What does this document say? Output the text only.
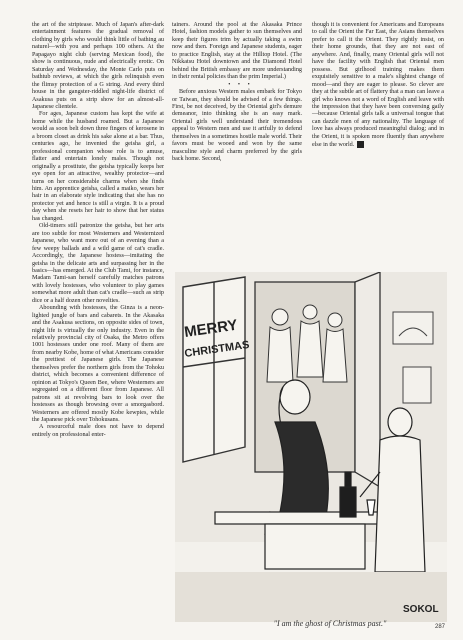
the art of the striptease. Much of Japan's after-dark entertainment features the gradual removal of clothing by girls who would think little of bathing au naturel—with you and perhaps 100 others. At the Papagayo night club (serving Mexican food), the show is continuous, nude and electrically erotic. On Saturday and Wednesday, the Monte Carlo puts on bathtub reviews, at which the girls relinquish even the flimsy protection of a G string. And every third house in the gangster-riddled night-life district of Asakusa puts on a strip show for an almost-all-Japanese clientele.

For ages, Japanese custom has kept the wife at home while the husband roamed. But a Japanese would as soon belt down three fingers of kerosene in a broom closet as drink his sake alone at a bar. Thus, centuries ago, he invented the geisha girl, a professional companion whose role is to amuse, flatter and entertain lonely males. Though not originally a prostitute, the geisha typically keeps her eye open for an attractive, wealthy protector—and turns on her considerable charms when she finds him. An apprentice geisha, called a maiko, wears her hair in an elaborate style indicating that she has no protector yet and hence is still a virgin. It is a proud day when she resets her hair to show that her status has changed.

Old-timers still patronize the geisha, but her arts are too subtle for most Westerners and Westernized Japanese, who want more out of an evening than a few weepy ballads and a wild game of cat's cradle. Accordingly, the Japanese hostess—imitating the geisha in the delicate arts and surpassing her in the basics—has emerged. At the Club Tami, for instance, Madam Tami-san herself carefully matches patrons with lovely hostesses, who volunteer to play games somewhat more adult than cat's cradle—such as strip dice or a half dozen other novelties.

Abounding with hostesses, the Ginza is a neon-lighted jungle of bars and cabarets. In the Akasaka and the Asakusa sections, on opposite sides of town, night life is virtually the only industry. Even in the relatively provincial city of Osaka, the Metro offers 1001 hostesses under one roof. Many of them are from nearby Kobe, home of what Americans consider the prettiest of Japanese girls. The Japanese themselves prefer the northern girls from the Tohoku district, which becomes a convenient difference of opinion at Tokyo's Queen Bee, where Westerners are segregated on a different floor from Japanese. All patrons sit at revolving bars to look over the hostesses as though browsing over a smorgasbord. Westerners are offered mostly Kobe kewpies, while the Japanese pick over Tohokusans.

A resourceful male does not have to depend entirely on professional enter-

tainers. Around the pool at the Akasaka Prince Hotel, fashion models gather to sun themselves and keep their figures trim by actually taking a swim now and then. Foreign and Japanese students, eager to practice English, stay at the Hilltop Hotel. (The Nikkatsu Hotel downtown and the Diamond Hotel behind the British embassy are more understanding in their rental policies than the prim Imperial.)

• • •

Before anxious Western males embark for Tokyo or Taiwan, they should be advised of a few things. First, be not deceived, by the Oriental girl's demure demeanor, into thinking she is an easy mark. Oriental girls well understand their tremendous appeal to Western men and use it artfully to defend themselves in a sometimes hostile male world. Their favors must be wooed and won by the same masculine style and charm preferred by the girls back home. Second,

though it is convenient for Americans and Europeans to call the Orient the Far East, the Asians themselves prefer to call it the Orient. They rightly insist, on their home grounds, that they are not east of anywhere. And, finally, many Oriental girls will not have the facility with English that Oriental men possess. But girlhood training makes them exquisitely sensitive to a male's slightest change of mood—and they are eager to please. So clever are they at the subtle art of flattery that a man can leave a girl who knows not a word of English and leave with the impression that they have been conversing gaily—because Oriental girls talk a universal tongue that can dazzle men of any nationality. The language of love has always produced meaningful dialog; and in the Orient, it is spoken more fluently than anywhere else in the world.

MERRY
CHRISTMAS
SOKOL
"I am the ghost of Christmas past."	287
